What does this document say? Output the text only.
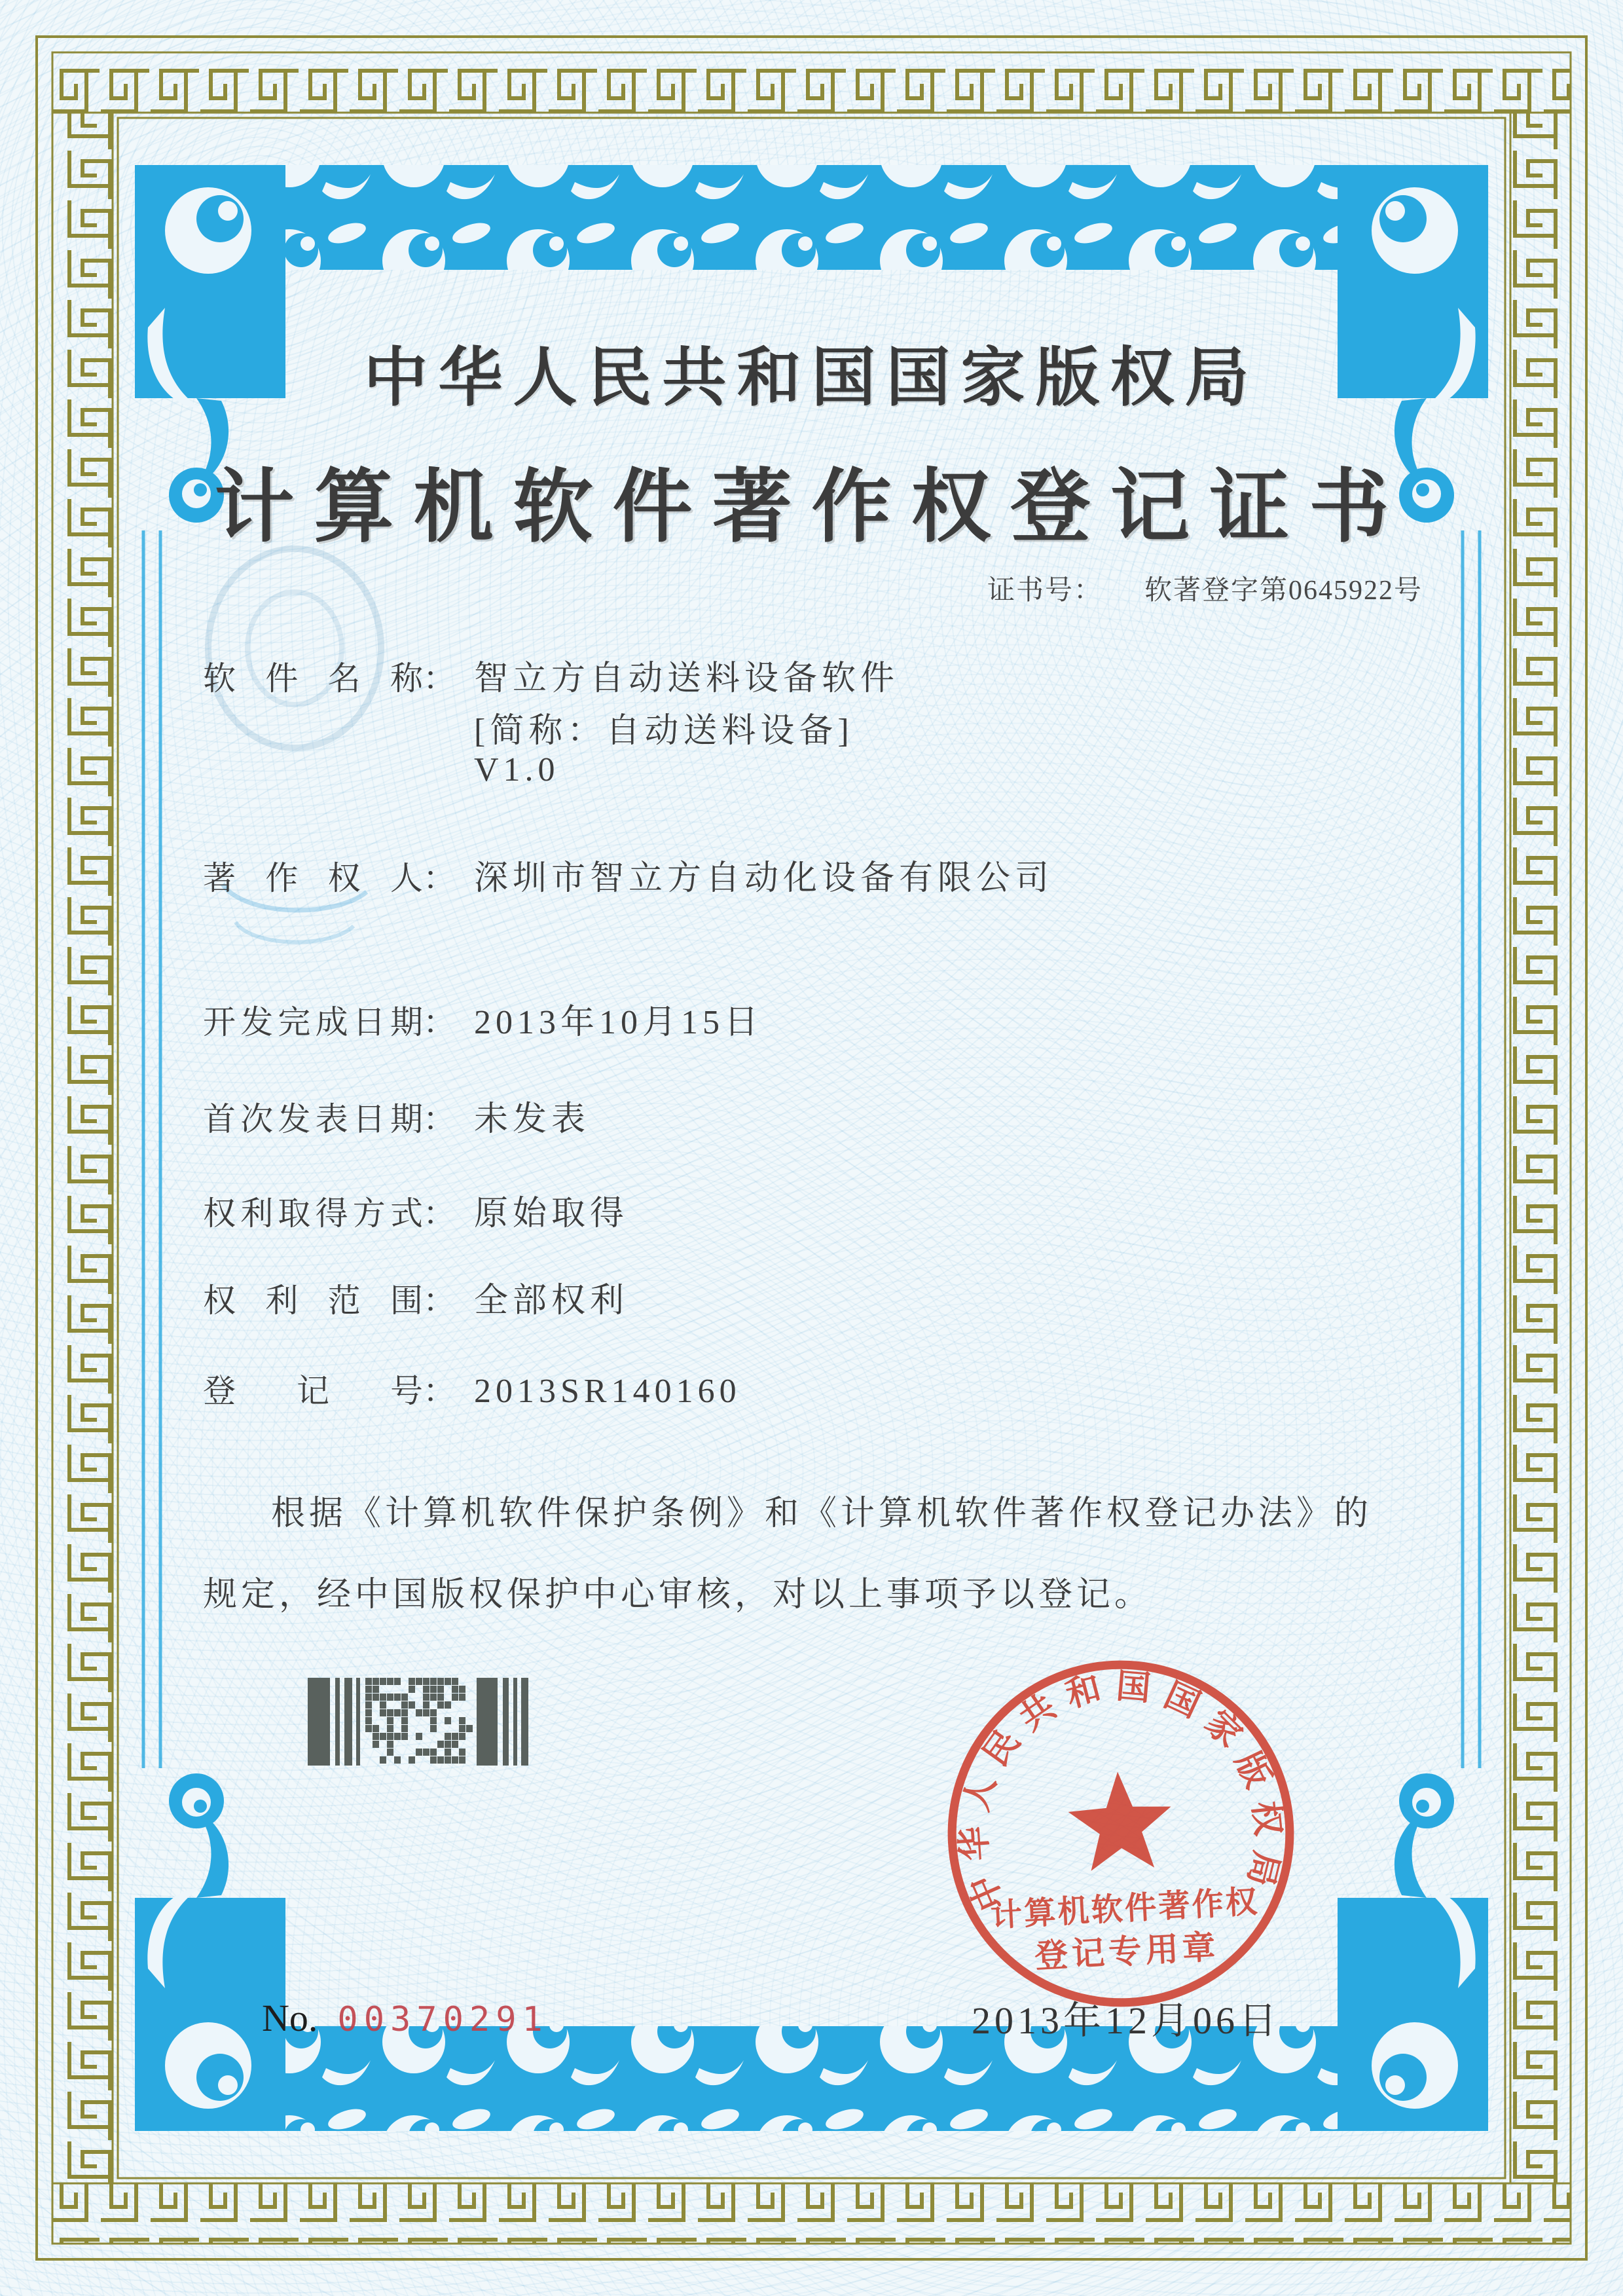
中华人民共和国国家版权局
计算机软件著作权登记证书
证书号： 软著登字第0645922号
软件名称： 智立方自动送料设备软件
[简称：自动送料设备]
V1.0
著作权人： 深圳市智立方自动化设备有限公司
开发完成日期： 2013年10月15日
首次发表日期： 未发表
权利取得方式： 原始取得
权利范围： 全部权利
登记号： 2013SR140160
根据《计算机软件保护条例》和《计算机软件著作权登记办法》的
规定，经中国版权保护中心审核，对以上事项予以登记。
No. 00370291	2013年12月06日
中华人民共和国国家版权局
计算机软件著作权
登记专用章
